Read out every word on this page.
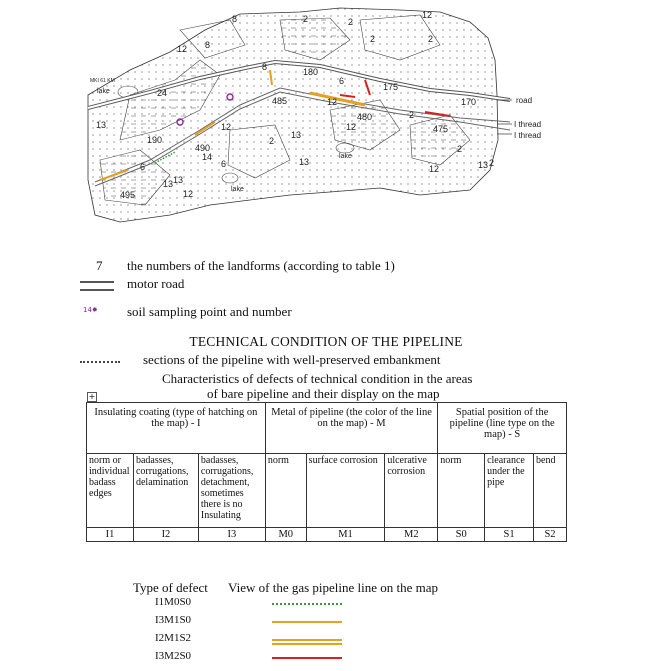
8
8
2
12
2
12
24
180
2	2
175
170
8
12
6
2
480
485
475
12
13
12
12
13
490
190	2
2
14
6
13
13
12
13 2
495
6
13
lake
lake
lake
road
I thread
I thread
MKI 61 KM
7 the numbers of the landforms (according to table 1)
motor road
14✸ soil sampling point and number
TECHNICAL CONDITION OF THE PIPELINE
sections of the pipeline with well-preserved embankment
Characteristics of defects of technical condition in the areas
of bare pipeline and their display on the map
+
Insulating coating (type of hatching on the map) - I			Metal of pipeline (the color of the line on the map) - M			Spatial position of the pipeline (line type on the map) - S		
norm or individual badass edges	badasses, corrugations, delamination	badasses, corrugations, detachment, sometimes there is no Insulating	norm	surface corrosion	ulcerative corrosion	norm	clearance under the pipe	bend
I1	I2	I3	M0	M1	M2	S0	S1	S2
Type of defect View of the gas pipeline line on the map
I1M0S0
I3M1S0
I2M1S2
I3M2S0
